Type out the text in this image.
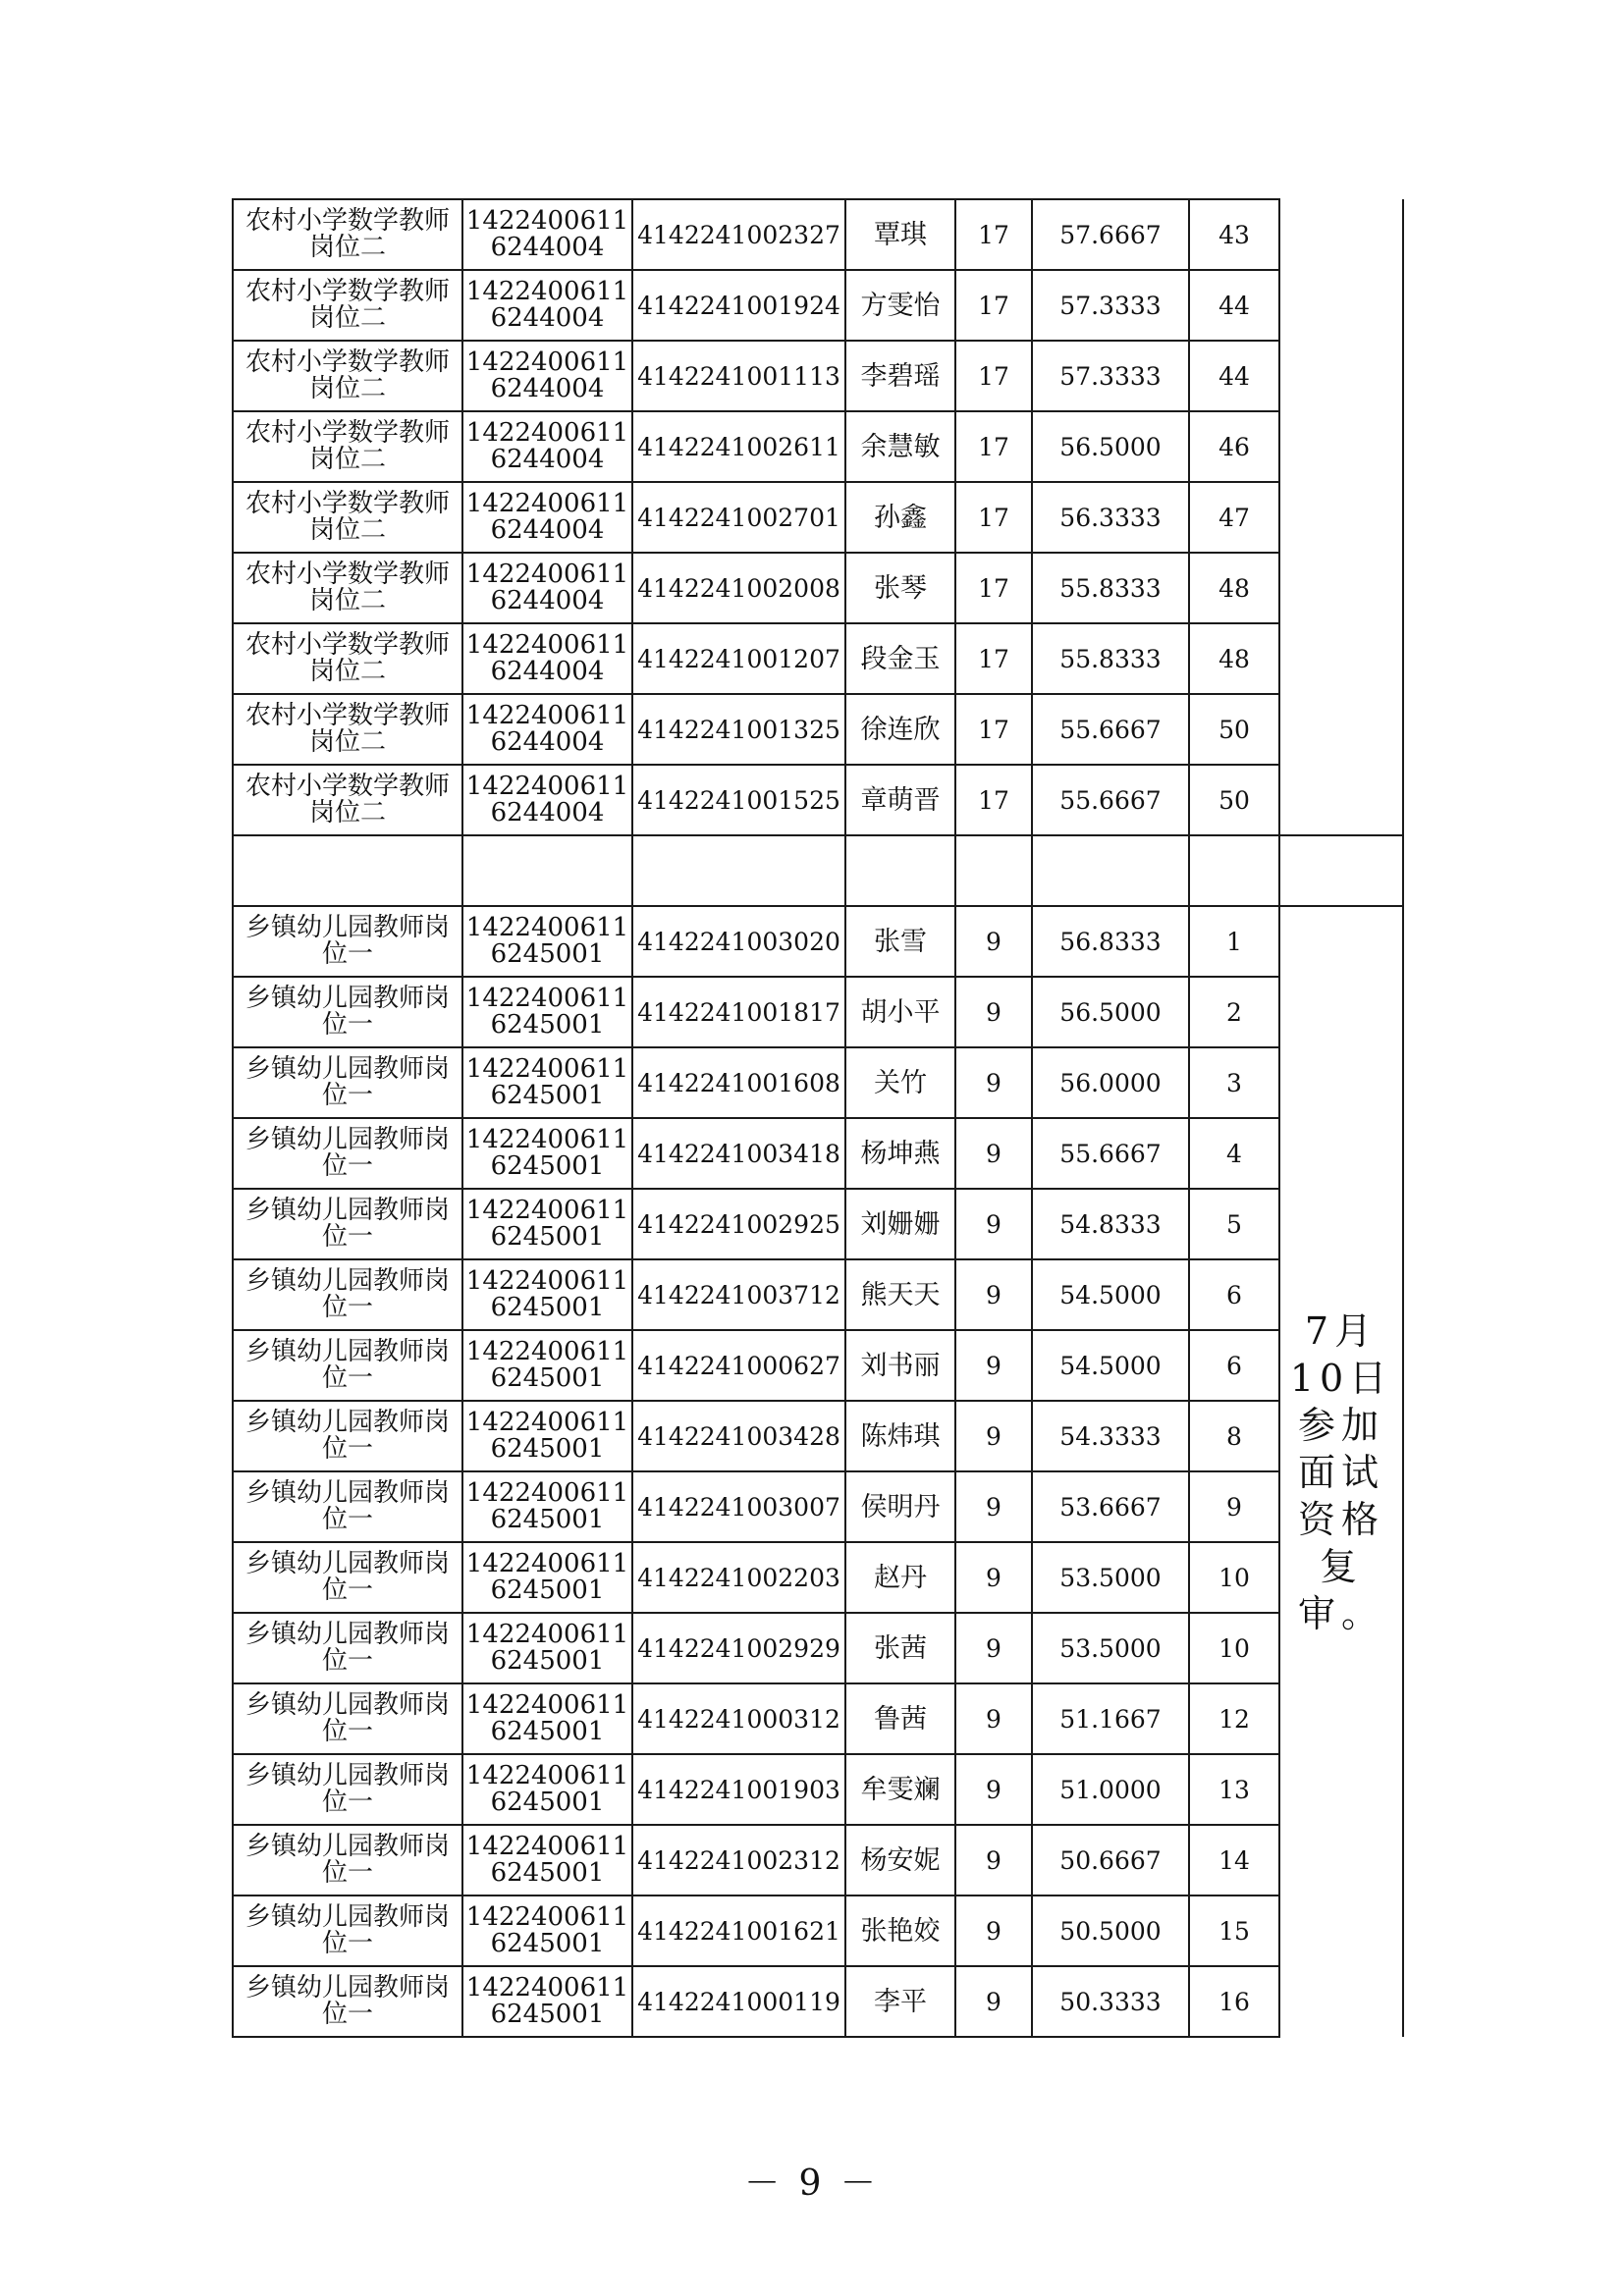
农村小学数学教师岗位二	14224006116244004	4142241002327	覃琪	17	57.6667	43	
农村小学数学教师岗位二	14224006116244004	4142241001924	方雯怡	17	57.3333	44	
农村小学数学教师岗位二	14224006116244004	4142241001113	李碧瑶	17	57.3333	44	
农村小学数学教师岗位二	14224006116244004	4142241002611	余慧敏	17	56.5000	46	
农村小学数学教师岗位二	14224006116244004	4142241002701	孙鑫	17	56.3333	47	
农村小学数学教师岗位二	14224006116244004	4142241002008	张琴	17	55.8333	48	
农村小学数学教师岗位二	14224006116244004	4142241001207	段金玉	17	55.8333	48	
农村小学数学教师岗位二	14224006116244004	4142241001325	徐连欣	17	55.6667	50	
农村小学数学教师岗位二	14224006116244004	4142241001525	章萌晋	17	55.6667	50	

乡镇幼儿园教师岗位一	14224006116245001	4142241003020	张雪	9	56.8333	1	7月10日参加面试资格复审。
乡镇幼儿园教师岗位一	14224006116245001	4142241001817	胡小平	9	56.5000	2	
乡镇幼儿园教师岗位一	14224006116245001	4142241001608	关竹	9	56.0000	3	
乡镇幼儿园教师岗位一	14224006116245001	4142241003418	杨坤燕	9	55.6667	4	
乡镇幼儿园教师岗位一	14224006116245001	4142241002925	刘姗姗	9	54.8333	5	
乡镇幼儿园教师岗位一	14224006116245001	4142241003712	熊天天	9	54.5000	6	
乡镇幼儿园教师岗位一	14224006116245001	4142241000627	刘书丽	9	54.5000	6	
乡镇幼儿园教师岗位一	14224006116245001	4142241003428	陈炜琪	9	54.3333	8	
乡镇幼儿园教师岗位一	14224006116245001	4142241003007	侯明丹	9	53.6667	9	
乡镇幼儿园教师岗位一	14224006116245001	4142241002203	赵丹	9	53.5000	10	
乡镇幼儿园教师岗位一	14224006116245001	4142241002929	张茜	9	53.5000	10	
乡镇幼儿园教师岗位一	14224006116245001	4142241000312	鲁茜	9	51.1667	12	
乡镇幼儿园教师岗位一	14224006116245001	4142241001903	牟雯斓	9	51.0000	13	
乡镇幼儿园教师岗位一	14224006116245001	4142241002312	杨安妮	9	50.6667	14	
乡镇幼儿园教师岗位一	14224006116245001	4142241001621	张艳姣	9	50.5000	15	
乡镇幼儿园教师岗位一	14224006116245001	4142241000119	李平	9	50.3333	16	
－ 9 －
